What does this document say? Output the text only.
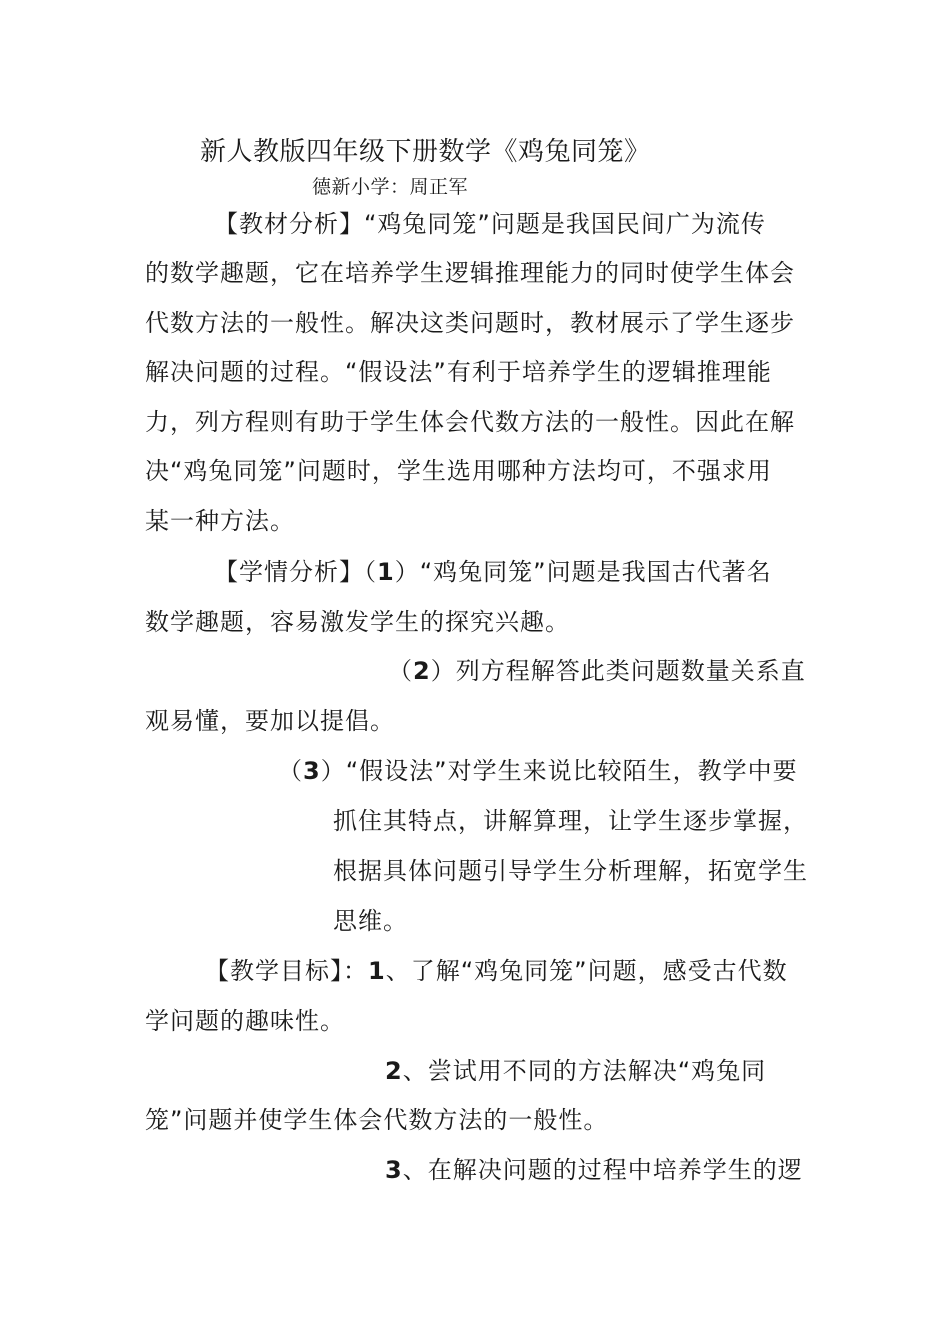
新人教版四年级下册数学《鸡兔同笼》
德新小学：周正军
【教材分析】“鸡兔同笼”问题是我国民间广为流传
的数学趣题，它在培养学生逻辑推理能力的同时使学生体会
代数方法的一般性。解决这类问题时，教材展示了学生逐步
解决问题的过程。“假设法”有利于培养学生的逻辑推理能
力，列方程则有助于学生体会代数方法的一般性。因此在解
决“鸡兔同笼”问题时，学生选用哪种方法均可，不强求用
某一种方法。
【学情分析】（1）“鸡兔同笼”问题是我国古代著名
数学趣题，容易激发学生的探究兴趣。
（2）列方程解答此类问题数量关系直
观易懂，要加以提倡。
（3）“假设法”对学生来说比较陌生，教学中要
抓住其特点，讲解算理，让学生逐步掌握，
根据具体问题引导学生分析理解，拓宽学生
思维。
【教学目标】：1、了解“鸡兔同笼”问题，感受古代数
学问题的趣味性。
2、尝试用不同的方法解决“鸡兔同
笼”问题并使学生体会代数方法的一般性。
3、在解决问题的过程中培养学生的逻
